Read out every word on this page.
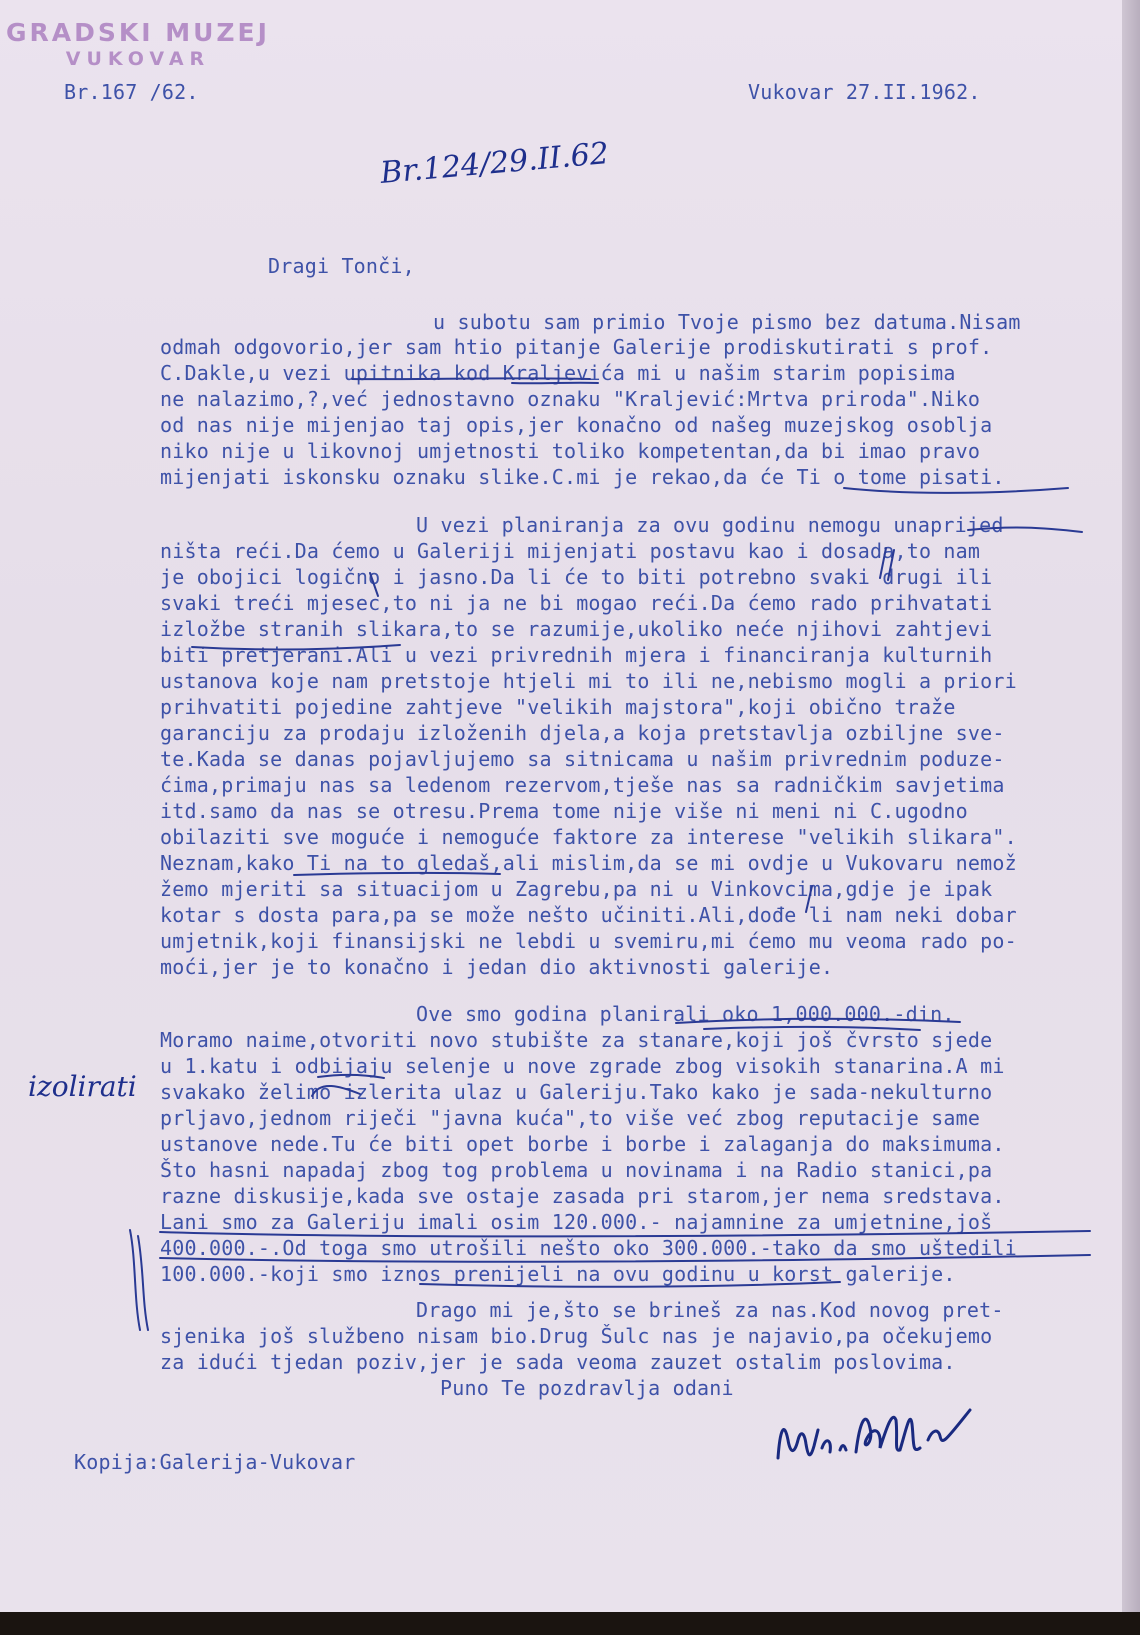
GRADSKI MUZEJ
VUKOVAR
Br.167 /62.	Vukovar 27.II.1962.
Br.124/29.II.62
Dragi Tonči,
u subotu sam primio Tvoje pismo bez datuma.Nisam
odmah odgovorio,jer sam htio pitanje Galerije prodiskutirati s prof.
C.Dakle,u vezi upitnika kod Kraljevića mi u našim starim popisima
ne nalazimo,?,već jednostavno oznaku "Kraljević:Mrtva priroda".Niko
od nas nije mijenjao taj opis,jer konačno od našeg muzejskog osoblja
niko nije u likovnoj umjetnosti toliko kompetentan,da bi imao pravo
mijenjati iskonsku oznaku slike.C.mi je rekao,da će Ti o tome pisati.
U vezi planiranja za ovu godinu nemogu unaprijed
ništa reći.Da ćemo u Galeriji mijenjati postavu kao i dosada,to nam
je obojici logično i jasno.Da li će to biti potrebno svaki drugi ili
svaki treći mjesec,to ni ja ne bi mogao reći.Da ćemo rado prihvatati
izložbe stranih slikara,to se razumije,ukoliko neće njihovi zahtjevi
biti pretjerani.Ali u vezi privrednih mjera i financiranja kulturnih
ustanova koje nam pretstoje htjeli mi to ili ne,nebismo mogli a priori
prihvatiti pojedine zahtjeve "velikih majstora",koji obično traže
garanciju za prodaju izloženih djela,a koja pretstavlja ozbiljne sve-
te.Kada se danas pojavljujemo sa sitnicama u našim privrednim poduze-
ćima,primaju nas sa ledenom rezervom,tješe nas sa radničkim savjetima
itd.samo da nas se otresu.Prema tome nije više ni meni ni C.ugodno
obilaziti sve moguće i nemoguće faktore za interese "velikih slikara".
Neznam,kako Ti na to gledaš,ali mislim,da se mi ovdje u Vukovaru nemož
žemo mjeriti sa situacijom u Zagrebu,pa ni u Vinkovcima,gdje je ipak
kotar s dosta para,pa se može nešto učiniti.Ali,dođe li nam neki dobar
umjetnik,koji finansijski ne lebdi u svemiru,mi ćemo mu veoma rado po-
moći,jer je to konačno i jedan dio aktivnosti galerije.
Ove smo godina planirali oko 1,000.000.-din.
Moramo naime,otvoriti novo stubište za stanare,koji još čvrsto sjede
u 1.katu i odbijaju selenje u nove zgrade zbog visokih stanarina.A mi
svakako želimo izlerita ulaz u Galeriju.Tako kako je sada-nekulturno
prljavo,jednom riječi "javna kuća",to više već zbog reputacije same
ustanove nede.Tu će biti opet borbe i borbe i zalaganja do maksimuma.
Što hasni napadaj zbog tog problema u novinama i na Radio stanici,pa
razne diskusije,kada sve ostaje zasada pri starom,jer nema sredstava.
Lani smo za Galeriju imali osim 120.000.- najamnine za umjetnine,još
400.000.-.Od toga smo utrošili nešto oko 300.000.-tako da smo uštedili
100.000.-koji smo iznos prenijeli na ovu godinu u korst galerije.
Drago mi je,što se brineš za nas.Kod novog pret-
sjenika još službeno nisam bio.Drug Šulc nas je najavio,pa očekujemo
za idući tjedan poziv,jer je sada veoma zauzet ostalim poslovima.
Puno Te pozdravlja odani
izolirati
Kopija:Galerija-Vukovar
